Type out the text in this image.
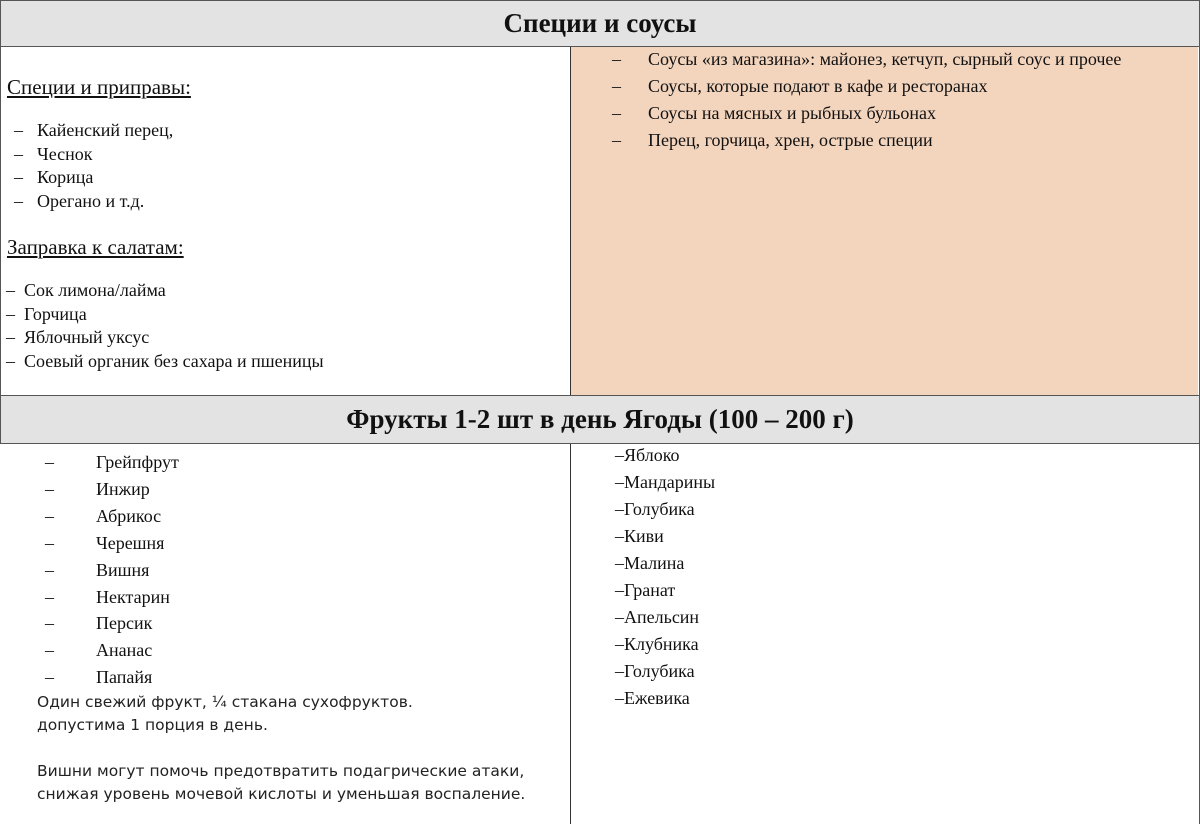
Специи и соусы
Специи и приправы:
– Кайенский перец,
– Чеснок
– Корица
– Орегано и т.д.
Заправка к салатам:
– Сок лимона/лайма
– Горчица
– Яблочный уксус
– Соевый органик без сахара и пшеницы
– Соусы «из магазина»: майонез, кетчуп, сырный соус и прочее
– Соусы, которые подают в кафе и ресторанах
– Соусы на мясных и рыбных бульонах
– Перец, горчица, хрен, острые специи
Фрукты 1-2 шт в день Ягоды (100 – 200 г)
– Грейпфрут
– Инжир
– Абрикос
– Черешня
– Вишня
– Нектарин
– Персик
– Ананас
– Папайя
Один свежий фрукт, ¼ стакана сухофруктов.
допустима 1 порция в день.

Вишни могут помочь предотвратить подагрические атаки,
снижая уровень мочевой кислоты и уменьшая воспаление.
–Яблоко
–Мандарины
–Голубика
–Киви
–Малина
–Гранат
–Апельсин
–Клубника
–Голубика
–Ежевика
